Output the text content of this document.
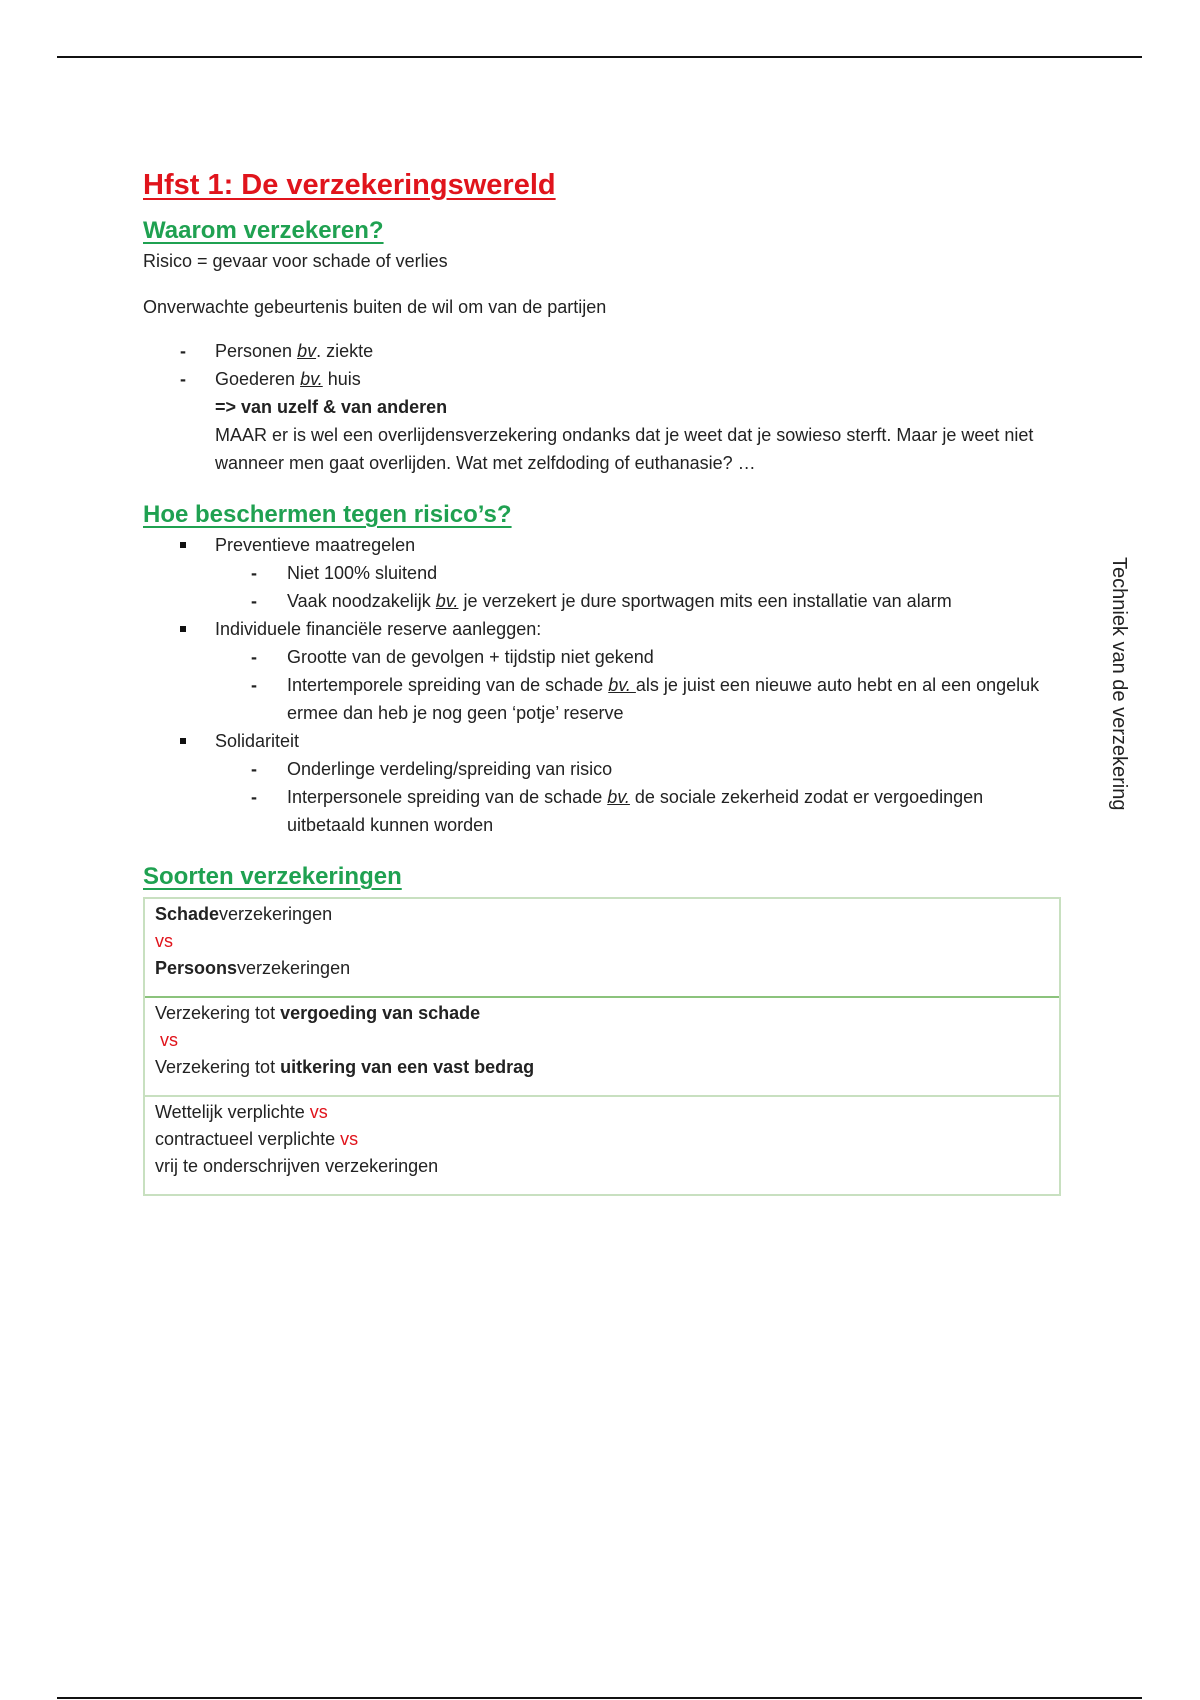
Hfst 1: De verzekeringswereld
Waarom verzekeren?

Risico = gevaar voor schade of verlies

Onverwachte gebeurtenis buiten de wil om van de partijen

- Personen bv. ziekte
- Goederen bv. huis

=> van uzelf & van anderen

MAAR er is wel een overlijdensverzekering ondanks dat je weet dat je sowieso sterft. Maar je weet niet wanneer men gaat overlijden. Wat met zelfdoding of euthanasie? …

Hoe beschermen tegen risico’s?
Preventieve maatregelen
- Niet 100% sluitend
- Vaak noodzakelijk bv. je verzekert je dure sportwagen mits een installatie van alarm
Individuele financiële reserve aanleggen:
- Grootte van de gevolgen + tijdstip niet gekend
- Intertemporele spreiding van de schade bv. als je juist een nieuwe auto hebt en al een ongeluk ermee dan heb je nog geen ‘potje’ reserve
Solidariteit
- Onderlinge verdeling/spreiding van risico
- Interpersonele spreiding van de schade bv. de sociale zekerheid zodat er vergoedingen uitbetaald kunnen worden
Soorten verzekeringen
Schadeverzekeringen
vs
Persoonsverzekeringen
Verzekering tot vergoeding van schade
vs
Verzekering tot uitkering van een vast bedrag
Wettelijk verplichte vs
contractueel verplichte vs
vrij te onderschrijven verzekeringen
Techniek van de verzekering
